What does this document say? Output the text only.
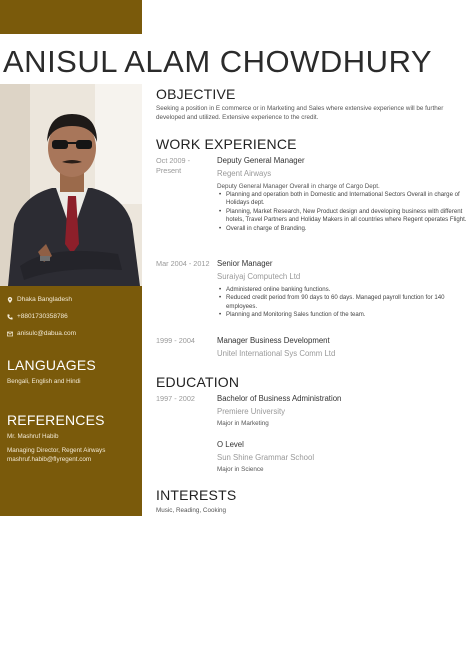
ANISUL ALAM CHOWDHURY
Dhaka Bangladesh
+8801730358786
anisulc@dabua.com
LANGUAGES
Bengali, English and Hindi
REFERENCES
Mr. Mashruf Habib
Managing Director, Regent Airways
mashruf.habib@flyregent.com
OBJECTIVE
Seeking a position in E commerce or in Marketing and Sales where extensive experience will be further developed and utilized. Extensive experience to the credit.
WORK EXPERIENCE
Oct 2009 - Present
Deputy General Manager
Regent Airways
Deputy General Manager Overall in charge of Cargo Dept.
• Planning and operation both in Domestic and International Sectors Overall in charge of Holidays dept.
• Planning, Market Research, New Product design and developing business with different hotels, Travel Partners and Holiday Makers in all countries where Regent operates Flight.
• Overall in charge of Branding.
Mar 2004 - 2012 Senior Manager
Suraiyaj Computech Ltd
• Administered online banking functions.
• Reduced credit period from 90 days to 60 days. Managed payroll function for 140 employees.
• Planning and Monitoring Sales function of the team.
1999 - 2004	Manager Business Development
Unitel International Sys Comm Ltd
EDUCATION
1997 - 2002	Bachelor of Business Administration
Premiere University
Major in Marketing
O Level
Sun Shine Grammar School
Major in Science
INTERESTS
Music, Reading, Cooking
